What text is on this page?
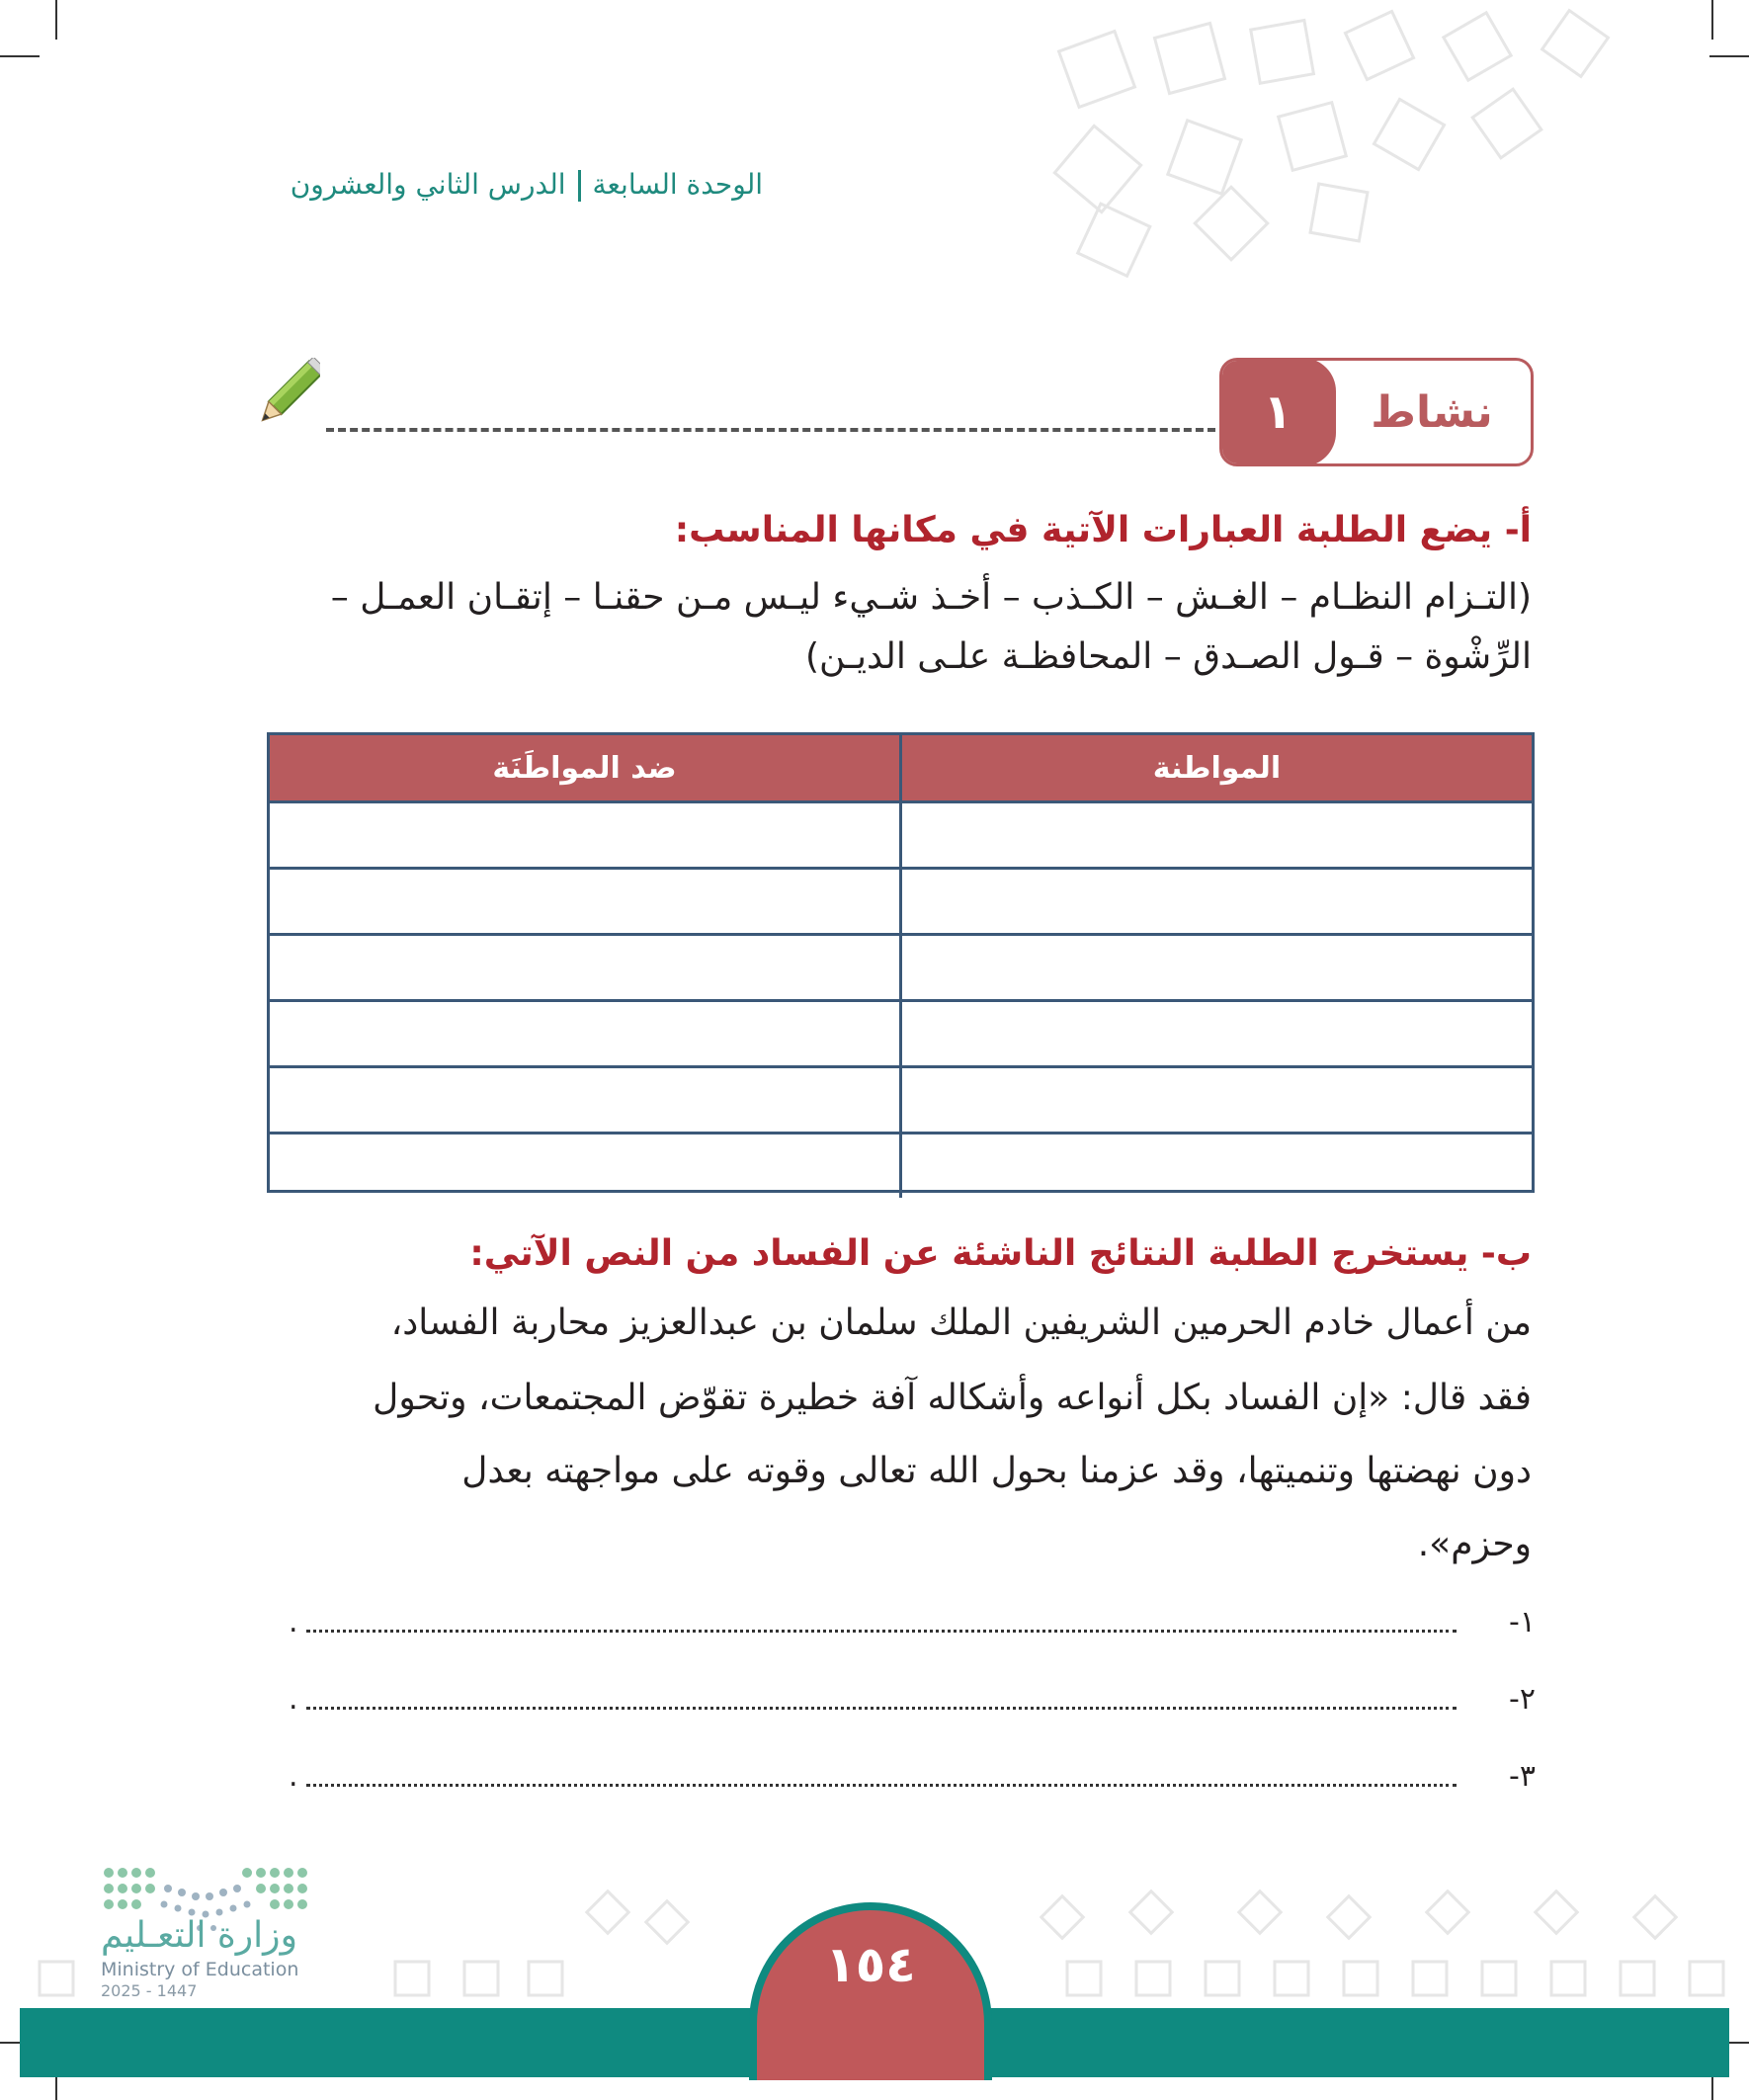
الوحدة السابعةالدرس الثاني والعشرون
نشاط
١
أ- يضع الطلبة العبارات الآتية في مكانها المناسب:
(التـزام النظـام – الغـش – الكـذب – أخـذ شـيء ليـس مـن حقنـا – إتقـان العمـل –
الرِّشْوة – قـول الصـدق – المحافظـة علـى الديـن)
المواطنة	ضد المواطَنَة

ب- يستخرج الطلبة النتائج الناشئة عن الفساد من النص الآتي:
من أعمال خادم الحرمين الشريفين الملك سلمان بن عبدالعزيز محاربة الفساد،
فقد قال: «إن الفساد بكل أنواعه وأشكاله آفة خطيرة تقوّض المجتمعات، وتحول
دون نهضتها وتنميتها، وقد عزمنا بحول الله تعالى وقوته على مواجهته بعدل
وحزم».
١-
.
٢-
.
٣-
.
وزارة التعـليم
Ministry of Education
2025 - 1447	١٥٤
